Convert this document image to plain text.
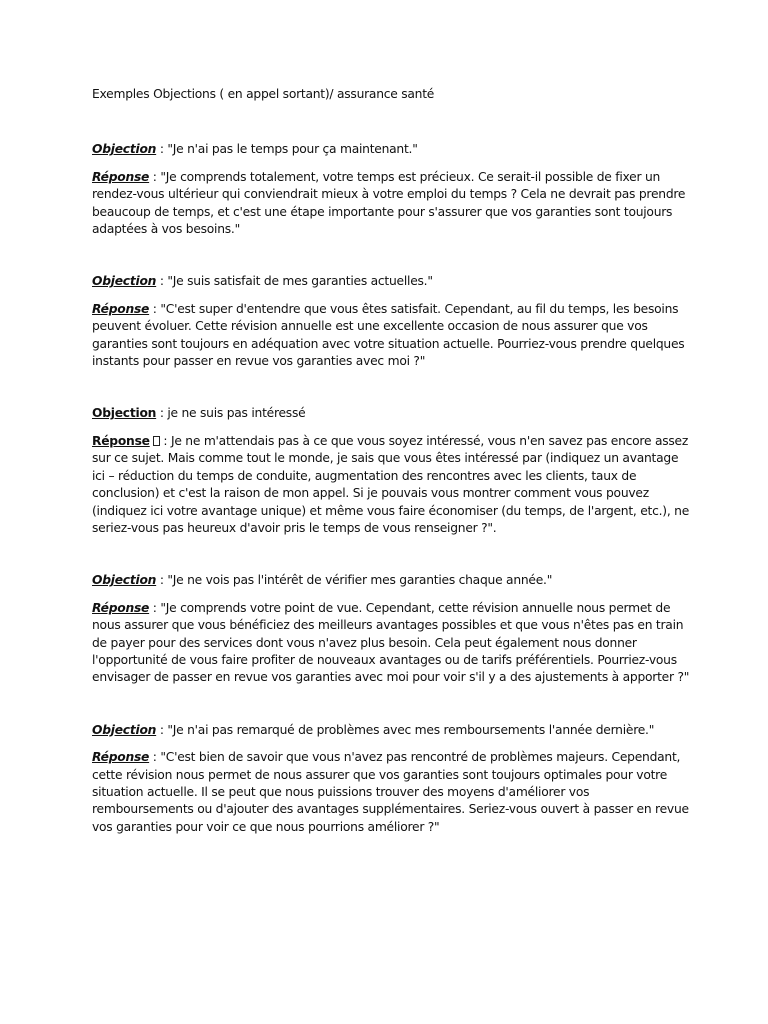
Exemples Objections ( en appel sortant)/ assurance santé

Objection : "Je n'ai pas le temps pour ça maintenant."

Réponse : "Je comprends totalement, votre temps est précieux. Ce serait-il possible de fixer un rendez-vous ultérieur qui conviendrait mieux à votre emploi du temps ? Cela ne devrait pas prendre beaucoup de temps, et c'est une étape importante pour s'assurer que vos garanties sont toujours adaptées à vos besoins."

Objection : "Je suis satisfait de mes garanties actuelles."

Réponse : "C'est super d'entendre que vous êtes satisfait. Cependant, au fil du temps, les besoins peuvent évoluer. Cette révision annuelle est une excellente occasion de nous assurer que vos garanties sont toujours en adéquation avec votre situation actuelle. Pourriez-vous prendre quelques instants pour passer en revue vos garanties avec moi ?"

Objection : je ne suis pas intéressé

Réponse : Je ne m'attendais pas à ce que vous soyez intéressé, vous n'en savez pas encore assez sur ce sujet. Mais comme tout le monde, je sais que vous êtes intéressé par (indiquez un avantage ici – réduction du temps de conduite, augmentation des rencontres avec les clients, taux de conclusion) et c'est la raison de mon appel. Si je pouvais vous montrer comment vous pouvez (indiquez ici votre avantage unique) et même vous faire économiser (du temps, de l'argent, etc.), ne seriez-vous pas heureux d'avoir pris le temps de vous renseigner ?".

Objection : "Je ne vois pas l'intérêt de vérifier mes garanties chaque année."

Réponse : "Je comprends votre point de vue. Cependant, cette révision annuelle nous permet de nous assurer que vous bénéficiez des meilleurs avantages possibles et que vous n'êtes pas en train de payer pour des services dont vous n'avez plus besoin. Cela peut également nous donner l'opportunité de vous faire profiter de nouveaux avantages ou de tarifs préférentiels. Pourriez-vous envisager de passer en revue vos garanties avec moi pour voir s'il y a des ajustements à apporter ?"

Objection : "Je n'ai pas remarqué de problèmes avec mes remboursements l'année dernière."

Réponse : "C'est bien de savoir que vous n'avez pas rencontré de problèmes majeurs. Cependant, cette révision nous permet de nous assurer que vos garanties sont toujours optimales pour votre situation actuelle. Il se peut que nous puissions trouver des moyens d'améliorer vos remboursements ou d'ajouter des avantages supplémentaires. Seriez-vous ouvert à passer en revue vos garanties pour voir ce que nous pourrions améliorer ?"
